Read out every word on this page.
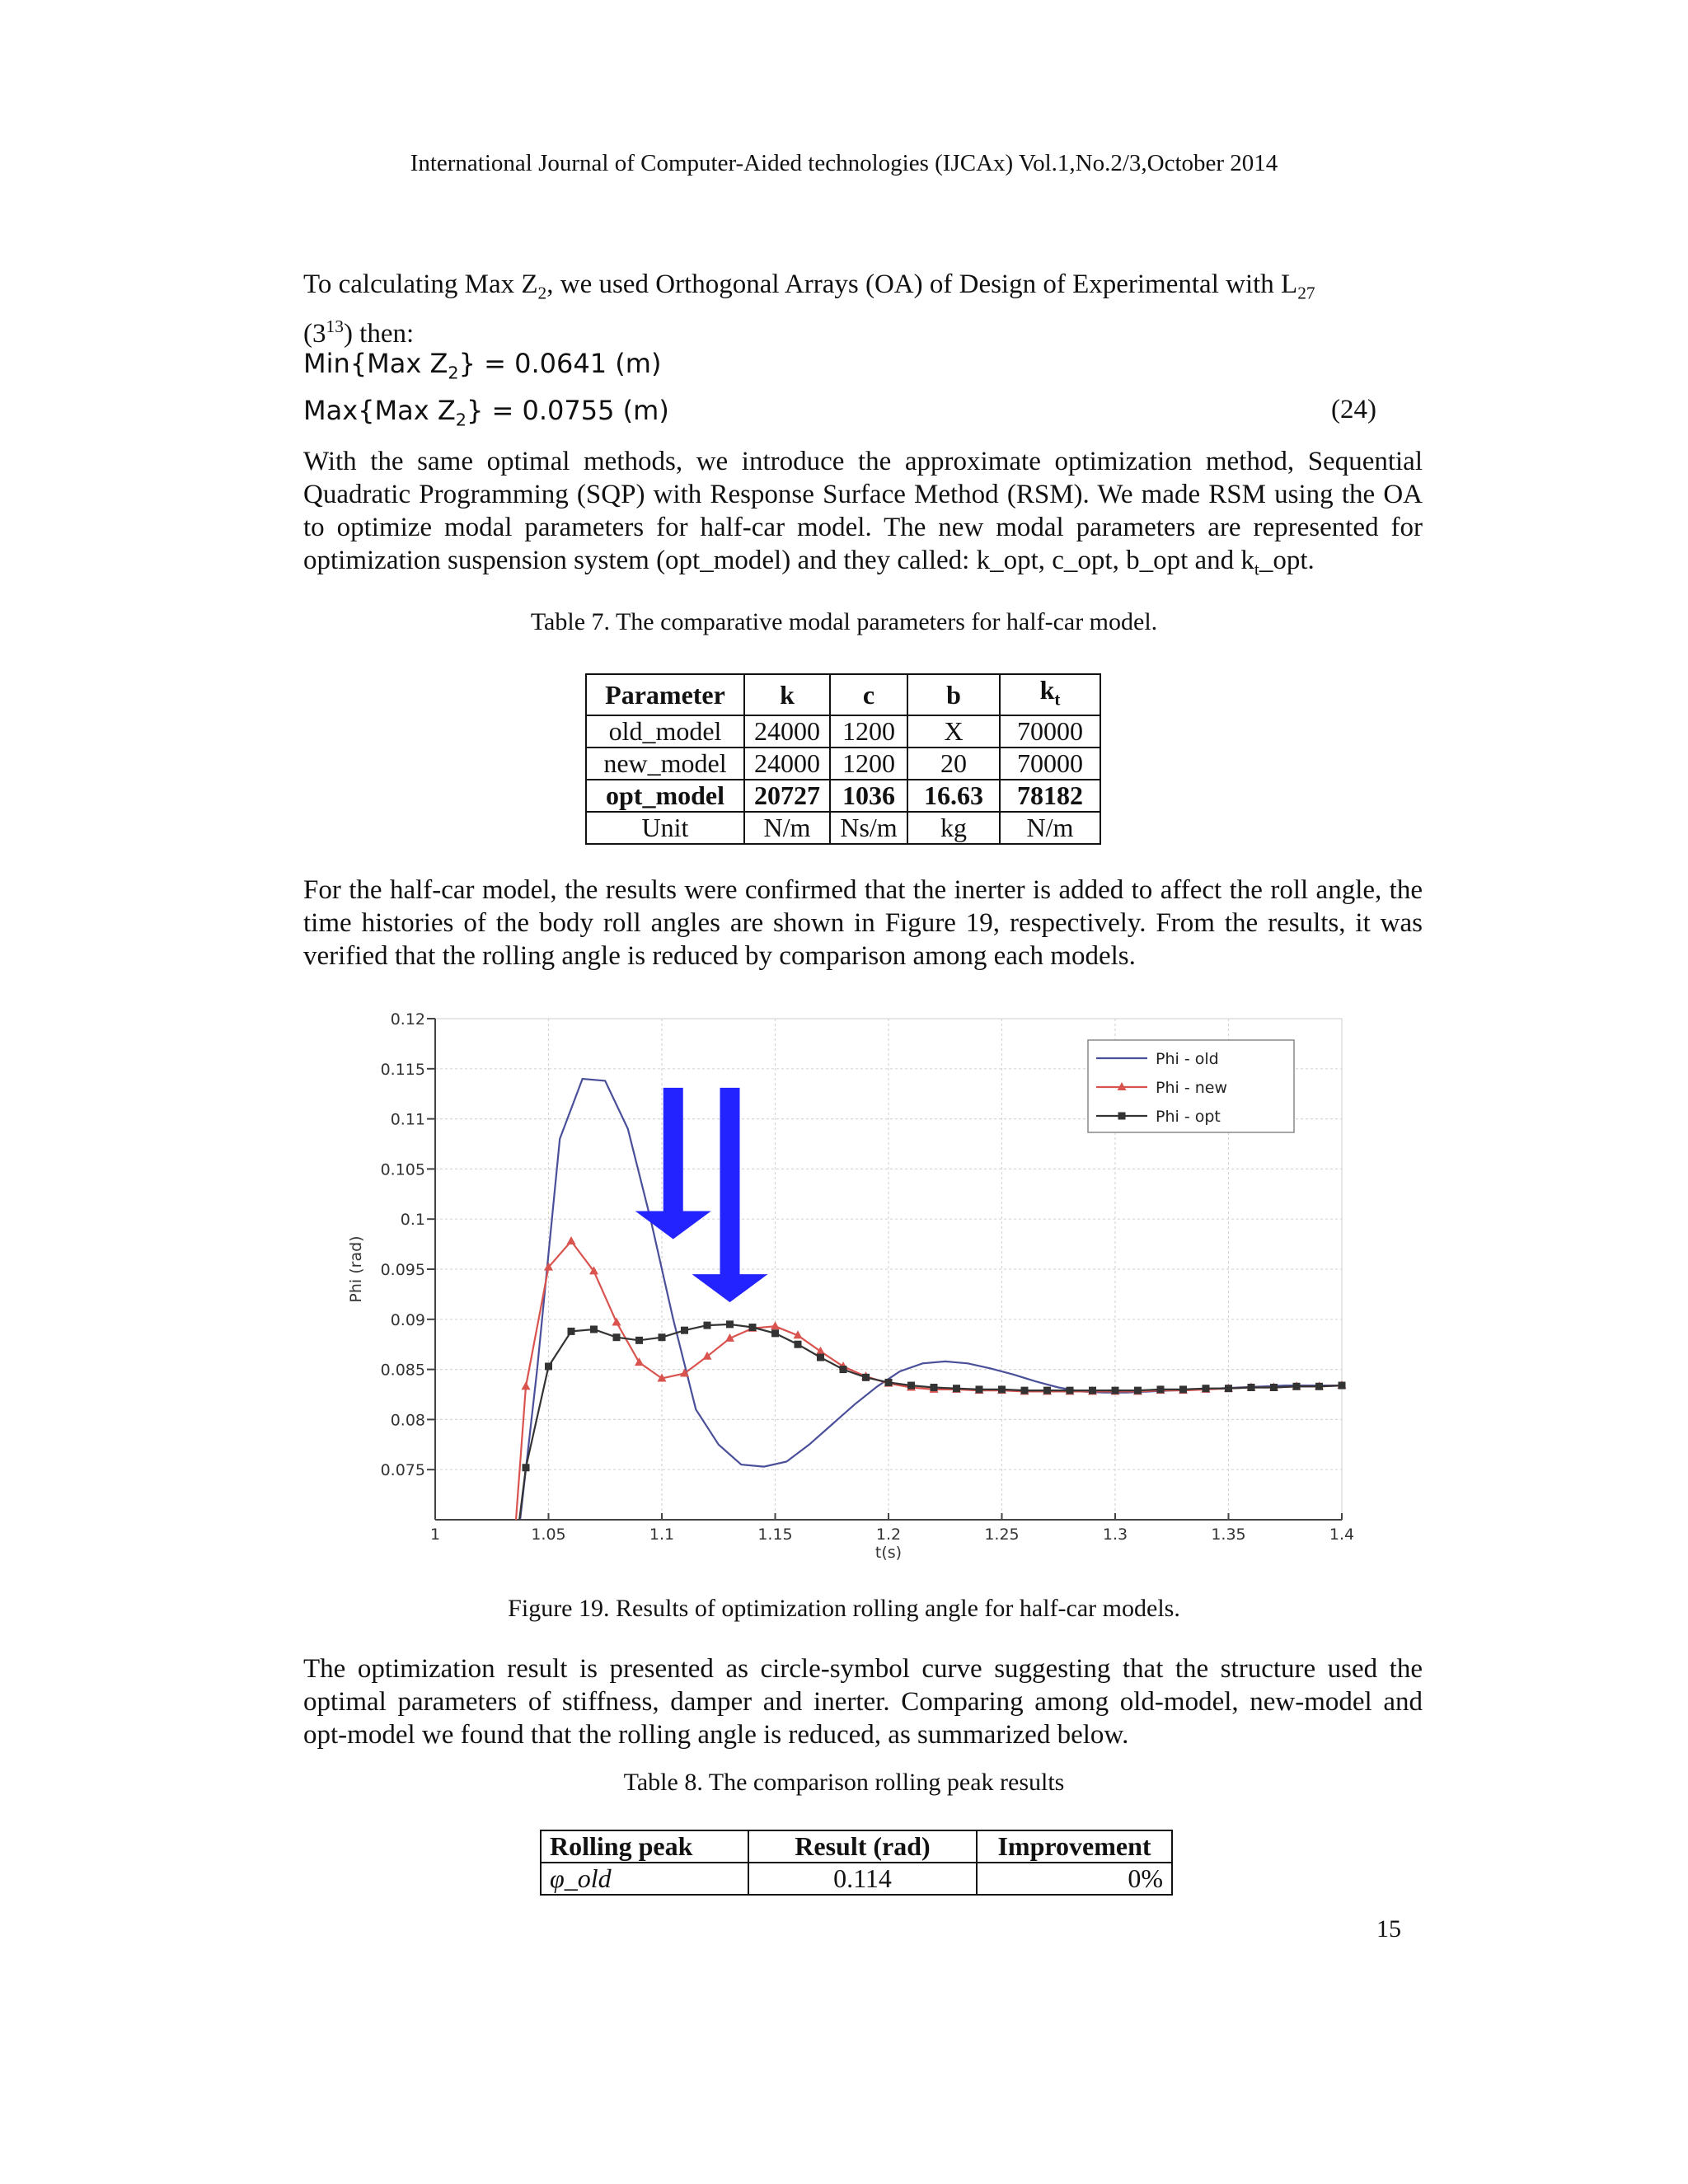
International Journal of Computer-Aided technologies (IJCAx) Vol.1,No.2/3,October 2014
To calculating Max $Z_2$, we used Orthogonal Arrays (OA) of Design of Experimental with $L_{27}$
$(3^{13})$ then:
Min{Max $Z_2\} = 0.0641$ (m)
Max{Max $Z_2\} = 0.0755$ (m)	(24)
With the same optimal methods, we introduce the approximate optimization method, Sequential Quadratic Programming (SQP) with Response Surface Method (RSM). We made RSM using the OA to optimize modal parameters for half-car model. The new modal parameters are represented for optimization suspension system (opt_model) and they called: k_opt, c_opt, b_opt and $k_t\_opt$.
Table 7. The comparative modal parameters for half-car model.
Parameter	k	c	b	$k_t$
old_model	24000	1200	X	70000
new_model	24000	1200	20	70000
opt_model	20727	1036	16.63	78182
Unit	N/m	Ns/m	kg	N/m
For the half-car model, the results were confirmed that the inerter is added to affect the roll angle, the time histories of the body roll angles are shown in Figure 19, respectively. From the results, it was verified that the rolling angle is reduced by comparison among each models.
0.075
0.08
0.085
0.09
0.095
0.1
0.105
0.11
0.115
0.12
1	1.05	1.1	1.15	1.2	1.25	1.3	1.35	1.4
t(s)
Phi (rad)
Phi - old
Phi - new
Phi - opt
Figure 19. Results of optimization rolling angle for half-car models.
The optimization result is presented as circle-symbol curve suggesting that the structure used the optimal parameters of stiffness, damper and inerter. Comparing among old-model, new-model and opt-model we found that the rolling angle is reduced, as summarized below.
Table 8. The comparison rolling peak results
Rolling peak	Result (rad)	Improvement
φ_old	0.114	0%
15
